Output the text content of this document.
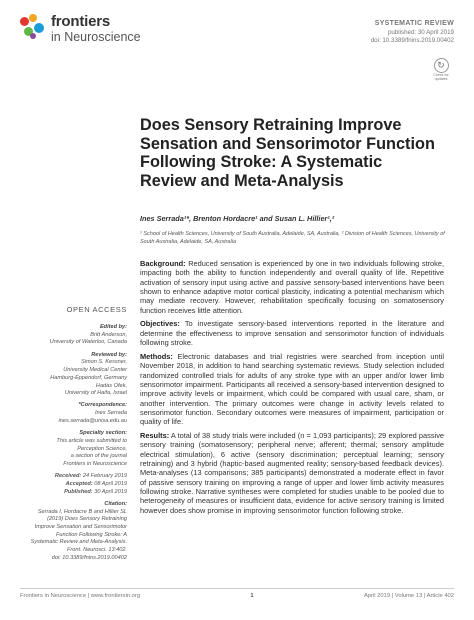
frontiers
in Neuroscience
SYSTEMATIC REVIEW
published: 30 April 2019
doi: 10.3389/fnins.2019.00402
↻
Check for updates
Does Sensory Retraining Improve Sensation and Sensorimotor Function Following Stroke: A Systematic Review and Meta-Analysis
Ines Serrada¹*, Brenton Hordacre¹ and Susan L. Hillier¹,²
¹ School of Health Sciences, University of South Australia, Adelaide, SA, Australia, ² Division of Health Sciences, University of South Australia, Adelaide, SA, Australia
OPEN ACCESS
Edited by:
Britt Anderson,
University of Waterloo, Canada
Reviewed by:
Simon S. Kessner,
University Medical Center
Hamburg-Eppendorf, Germany
Hadas Ofek,
University of Haifa, Israel
*Correspondence:
Ines Serrada
ines.serrada@unisa.edu.au
Specialty section:
This article was submitted to
Perception Science,
a section of the journal
Frontiers in Neuroscience
Received: 24 February 2019
Accepted: 08 April 2019
Published: 30 April 2019
Citation:
Serrada I, Hordacre B and Hillier SL
(2019) Does Sensory Retraining
Improve Sensation and Sensorimotor
Function Following Stroke: A
Systematic Review and Meta-Analysis.
Front. Neurosci. 13:402.
doi: 10.3389/fnins.2019.00402

Background: Reduced sensation is experienced by one in two individuals following stroke, impacting both the ability to function independently and overall quality of life. Repetitive activation of sensory input using active and passive sensory-based interventions have been shown to enhance adaptive motor cortical plasticity, indicating a potential mechanism which may mediate recovery. However, rehabilitation specifically focusing on somatosensory function receives little attention.

Objectives: To investigate sensory-based interventions reported in the literature and determine the effectiveness to improve sensation and sensorimotor function of individuals following stroke.

Methods: Electronic databases and trial registries were searched from inception until November 2018, in addition to hand searching systematic reviews. Study selection included randomized controlled trials for adults of any stroke type with an upper and/or lower limb sensorimotor impairment. Participants all received a sensory-based intervention designed to improve activity levels or impairment, which could be compared with usual care, sham, or another intervention. The primary outcomes were change in activity levels related to sensorimotor function. Secondary outcomes were measures of impairment, participation or quality of life.

Results: A total of 38 study trials were included (n = 1,093 participants); 29 explored passive sensory training (somatosensory; peripheral nerve; afferent; thermal; sensory amplitude electrical stimulation), 6 active (sensory discrimination; perceptual learning; sensory retraining) and 3 hybrid (haptic-based augmented reality; sensory-based feedback devices). Meta-analyses (13 comparisons; 385 participants) demonstrated a moderate effect in favor of passive sensory training on improving a range of upper and lower limb activity measures following stroke. Narrative syntheses were completed for studies unable to be pooled due to heterogeneity of measures or insufficient data, evidence for active sensory training is limited however does show promise in improving sensorimotor function following stroke.

Frontiers in Neuroscience | www.frontiersin.org	1	April 2019 | Volume 13 | Article 402
